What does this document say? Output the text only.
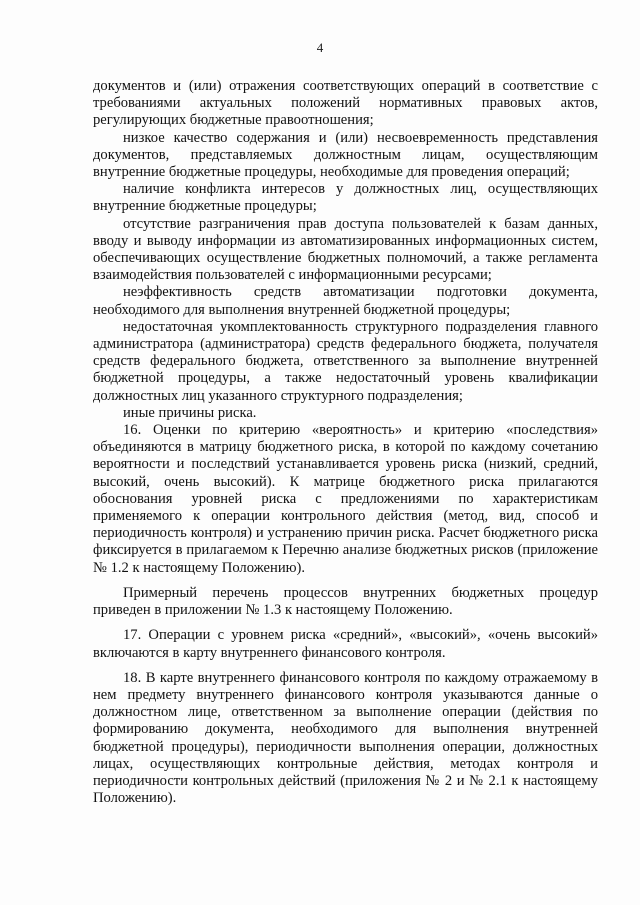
4

документов и (или) отражения соответствующих операций в соответствие с требованиями актуальных положений нормативных правовых актов, регулирующих бюджетные правоотношения;

низкое качество содержания и (или) несвоевременность представления документов, представляемых должностным лицам, осуществляющим внутренние бюджетные процедуры, необходимые для проведения операций;

наличие конфликта интересов у должностных лиц, осуществляющих внутренние бюджетные процедуры;

отсутствие разграничения прав доступа пользователей к базам данных, вводу и выводу информации из автоматизированных информационных систем, обеспечивающих осуществление бюджетных полномочий, а также регламента взаимодействия пользователей с информационными ресурсами;

неэффективность средств автоматизации подготовки документа, необходимого для выполнения внутренней бюджетной процедуры;

недостаточная укомплектованность структурного подразделения главного администратора (администратора) средств федерального бюджета, получателя средств федерального бюджета, ответственного за выполнение внутренней бюджетной процедуры, а также недостаточный уровень квалификации должностных лиц указанного структурного подразделения;

иные причины риска.

16. Оценки по критерию «вероятность» и критерию «последствия» объединяются в матрицу бюджетного риска, в которой по каждому сочетанию вероятности и последствий устанавливается уровень риска (низкий, средний, высокий, очень высокий). К матрице бюджетного риска прилагаются обоснования уровней риска с предложениями по характеристикам применяемого к операции контрольного действия (метод, вид, способ и периодичность контроля) и устранению причин риска. Расчет бюджетного риска фиксируется в прилагаемом к Перечню анализе бюджетных рисков (приложение № 1.2 к настоящему Положению).

Примерный перечень процессов внутренних бюджетных процедур приведен в приложении № 1.3 к настоящему Положению.

17. Операции с уровнем риска «средний», «высокий», «очень высокий» включаются в карту внутреннего финансового контроля.

18. В карте внутреннего финансового контроля по каждому отражаемому в нем предмету внутреннего финансового контроля указываются данные о должностном лице, ответственном за выполнение операции (действия по формированию документа, необходимого для выполнения внутренней бюджетной процедуры), периодичности выполнения операции, должностных лицах, осуществляющих контрольные действия, методах контроля и периодичности контрольных действий (приложения № 2 и № 2.1 к настоящему Положению).
